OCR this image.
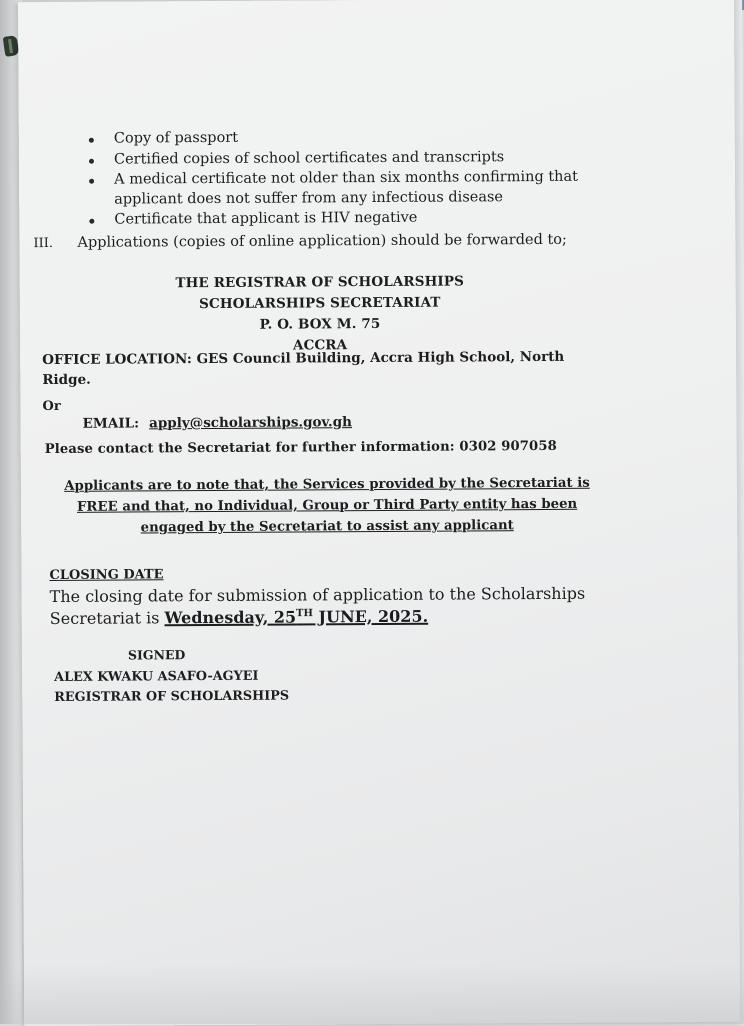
Copy of passport
Certified copies of school certificates and transcripts
A medical certificate not older than six months confirming that applicant does not suffer from any infectious disease
Certificate that applicant is HIV negative
III. Applications (copies of online application) should be forwarded to;
THE REGISTRAR OF SCHOLARSHIPS
SCHOLARSHIPS SECRETARIAT
P. O. BOX M. 75
ACCRA
OFFICE LOCATION: GES Council Building, Accra High School, North Ridge.
Or
EMAIL: apply@scholarships.gov.gh
Please contact the Secretariat for further information: 0302 907058
Applicants are to note that, the Services provided by the Secretariat is FREE and that, no Individual, Group or Third Party entity has been engaged by the Secretariat to assist any applicant
CLOSING DATE
The closing date for submission of application to the Scholarships Secretariat is Wednesday, 25TH JUNE, 2025.
SIGNED
ALEX KWAKU ASAFO-AGYEI
REGISTRAR OF SCHOLARSHIPS
